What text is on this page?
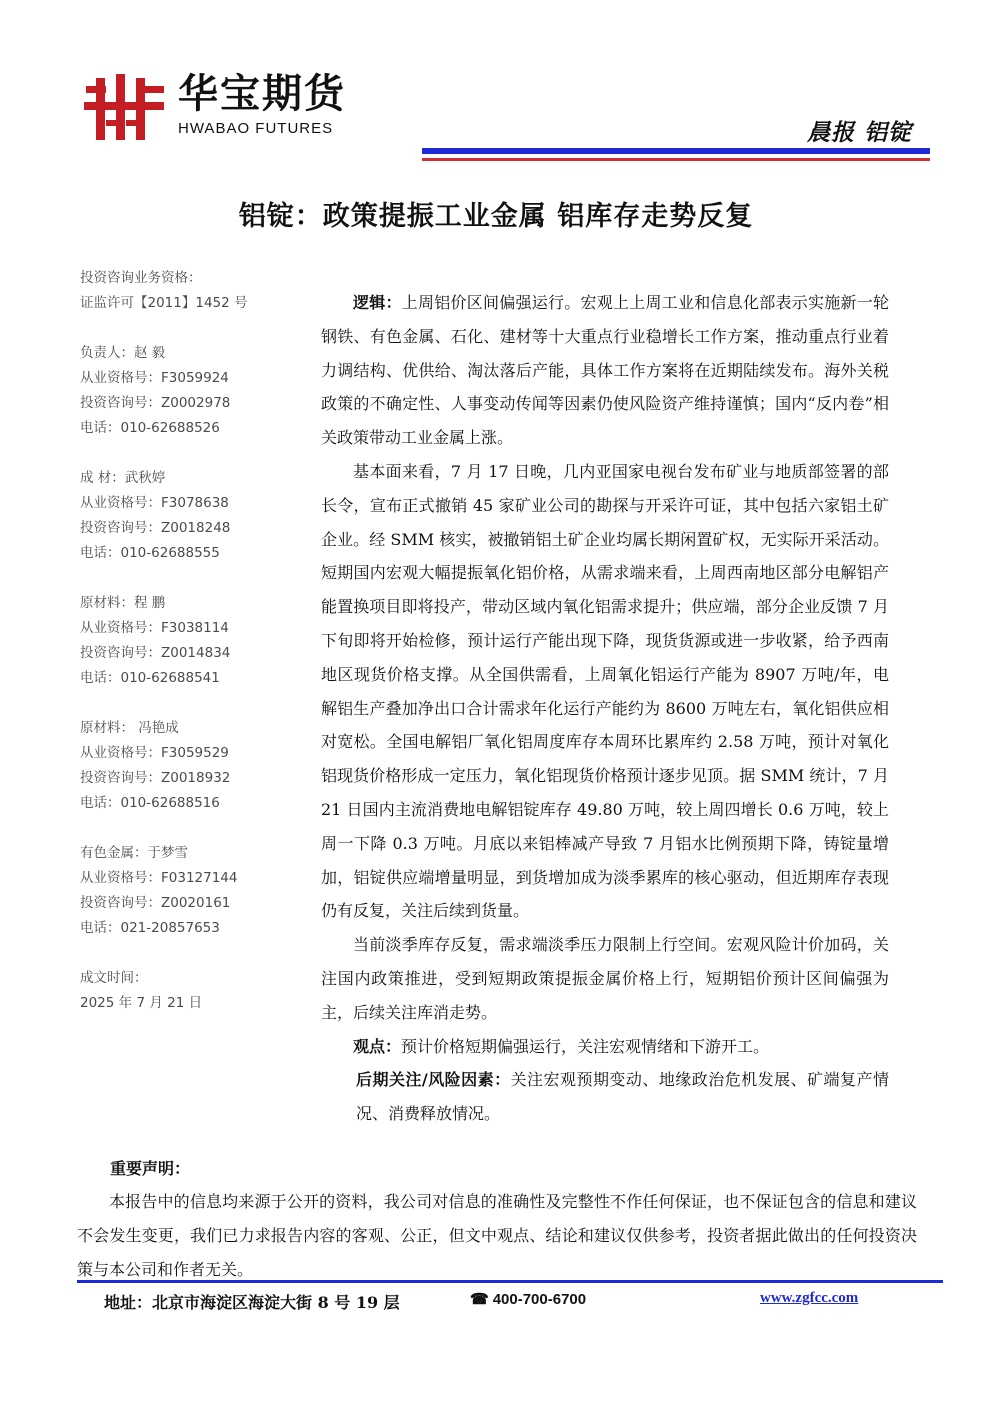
华宝期货
HWABAO FUTURES	晨报 铝锭
铝锭：政策提振工业金属 铝库存走势反复
投资咨询业务资格：
证监许可【2011】1452 号
负责人：赵 毅
从业资格号：F3059924
投资咨询号：Z0002978
电话：010-62688526
成 材：武秋婷
从业资格号：F3078638
投资咨询号：Z0018248
电话：010-62688555
原材料：程 鹏
从业资格号：F3038114
投资咨询号：Z0014834
电话：010-62688541
原材料： 冯艳成
从业资格号：F3059529
投资咨询号：Z0018932
电话：010-62688516
有色金属：于梦雪
从业资格号：F03127144
投资咨询号：Z0020161
电话：021-20857653
成文时间：
2025 年 7 月 21 日

逻辑：上周铝价区间偏强运行。宏观上上周工业和信息化部表示实施新一轮钢铁、有色金属、石化、建材等十大重点行业稳增长工作方案，推动重点行业着力调结构、优供给、淘汰落后产能，具体工作方案将在近期陆续发布。海外关税政策的不确定性、人事变动传闻等因素仍使风险资产维持谨慎；国内“反内卷”相关政策带动工业金属上涨。

基本面来看，7 月 17 日晚，几内亚国家电视台发布矿业与地质部签署的部长令，宣布正式撤销 45 家矿业公司的勘探与开采许可证，其中包括六家铝土矿企业。经 SMM 核实，被撤销铝土矿企业均属长期闲置矿权，无实际开采活动。短期国内宏观大幅提振氧化铝价格，从需求端来看，上周西南地区部分电解铝产能置换项目即将投产，带动区域内氧化铝需求提升；供应端，部分企业反馈 7 月下旬即将开始检修，预计运行产能出现下降，现货货源或进一步收紧，给予西南地区现货价格支撑。从全国供需看，上周氧化铝运行产能为 8907 万吨/年，电解铝生产叠加净出口合计需求年化运行产能约为 8600 万吨左右，氧化铝供应相对宽松。全国电解铝厂氧化铝周度库存本周环比累库约 2.58 万吨，预计对氧化铝现货价格形成一定压力，氧化铝现货价格预计逐步见顶。据 SMM 统计，7 月 21 日国内主流消费地电解铝锭库存 49.80 万吨，较上周四增长 0.6 万吨，较上周一下降 0.3 万吨。月底以来铝棒减产导致 7 月铝水比例预期下降，铸锭量增加，铝锭供应端增量明显，到货增加成为淡季累库的核心驱动，但近期库存表现仍有反复，关注后续到货量。

当前淡季库存反复，需求端淡季压力限制上行空间。宏观风险计价加码，关注国内政策推进，受到短期政策提振金属价格上行，短期铝价预计区间偏强为主，后续关注库消走势。

观点：预计价格短期偏强运行，关注宏观情绪和下游开工。

后期关注/风险因素：关注宏观预期变动、地缘政治危机发展、矿端复产情况、消费释放情况。

重要声明：
本报告中的信息均来源于公开的资料，我公司对信息的准确性及完整性不作任何保证，也不保证包含的信息和建议不会发生变更，我们已力求报告内容的客观、公正，但文中观点、结论和建议仅供参考，投资者据此做出的任何投资决策与本公司和作者无关。
地址：北京市海淀区海淀大街 8 号 19 层	☎ 400-700-6700	www.zgfcc.com
